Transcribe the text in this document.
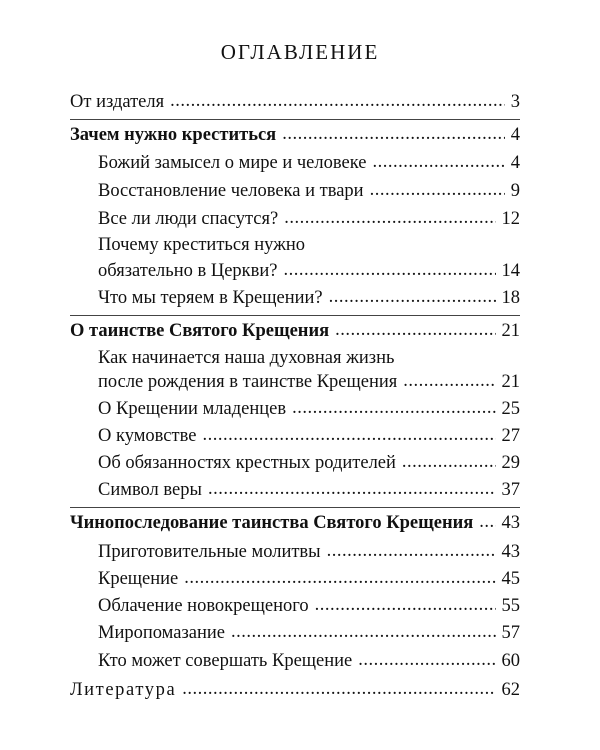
ОГЛАВЛЕНИЕ
От издателя .....	3
Зачем нужно креститься .....	4
Божий замысел о мире и человеке .....	4
Восстановление человека и твари .....	9
Все ли люди спасутся? .....	12
Почему креститься нужно
обязательно в Церкви? .....	14
Что мы теряем в Крещении? .....	18
О таинстве Святого Крещения .....	21
Как начинается наша духовная жизнь
после рождения в таинстве Крещения .....	21
О Крещении младенцев .....	25
О кумовстве .....	27
Об обязанностях крестных родителей .....	29
Символ веры .....	37
Чинопоследование таинства Святого Крещения ..... 43
Приготовительные молитвы .....	43
Крещение .....	45
Облачение новокрещеного .....	55
Миропомазание .....	57
Кто может совершать Крещение .....	60
Литература .....	62
